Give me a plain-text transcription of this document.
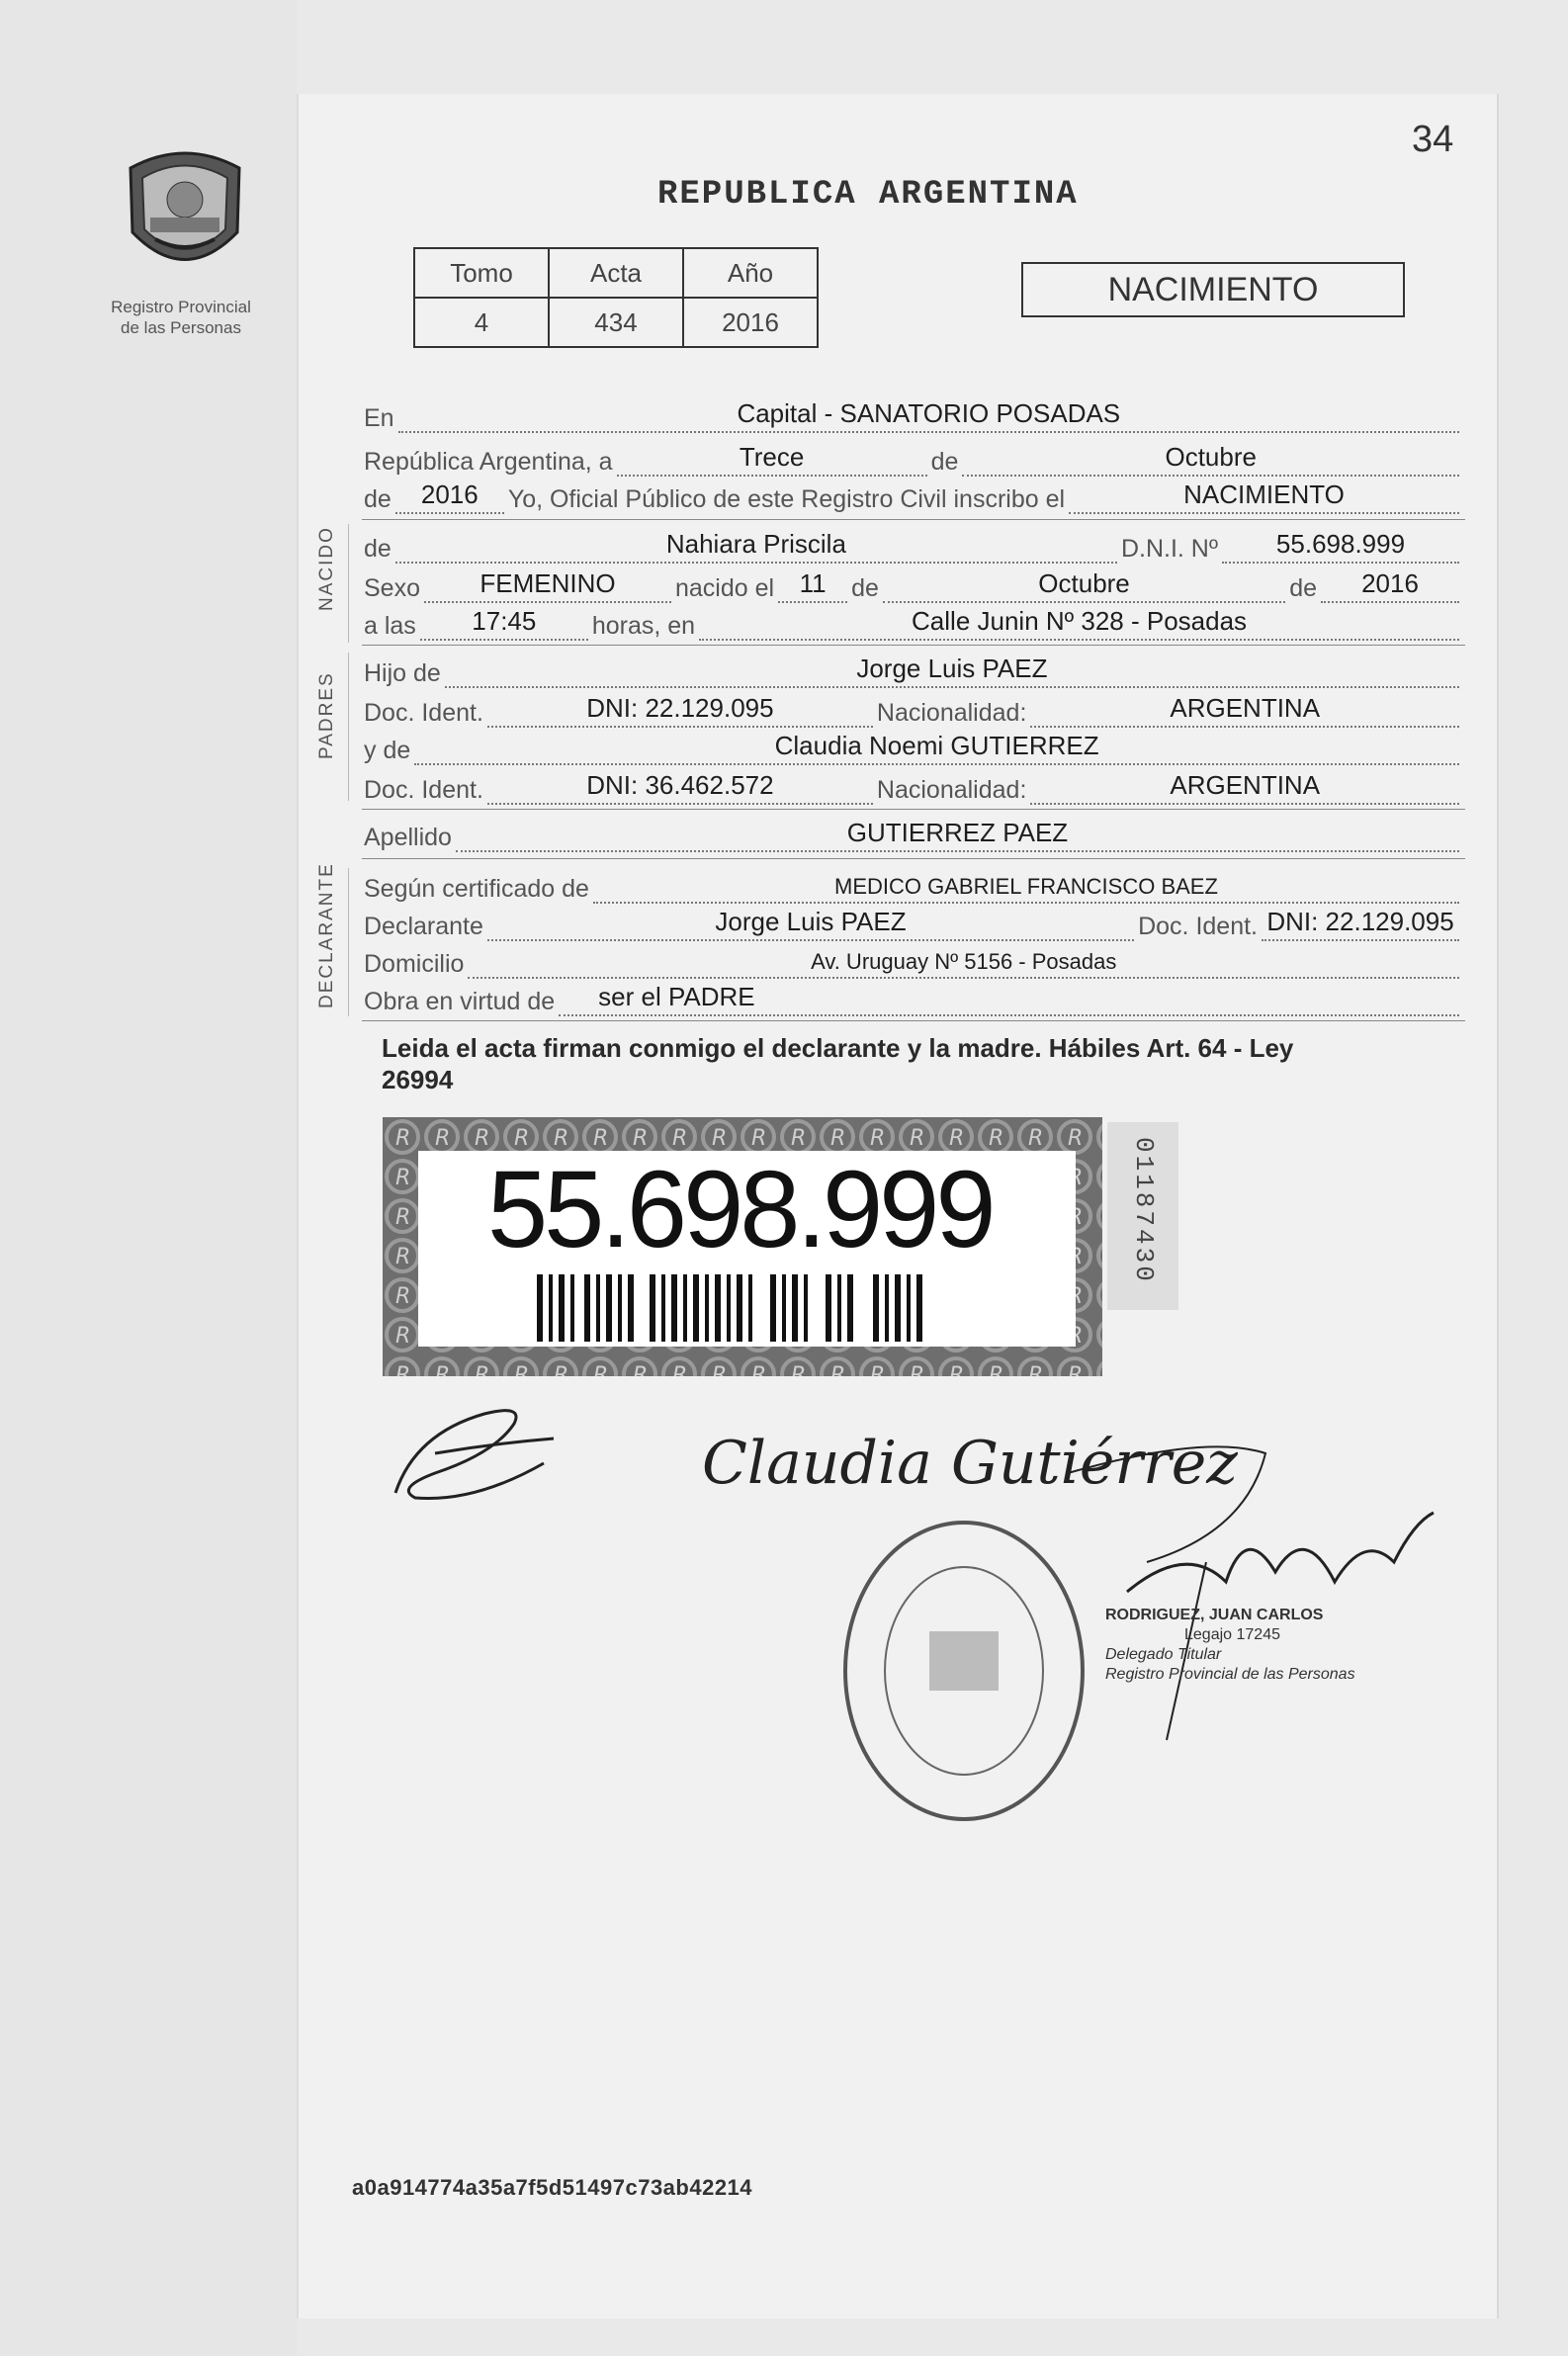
Registro Provincial
de las Personas
34
REPUBLICA ARGENTINA
Tomo	Acta	Año
4	434	2016
NACIMIENTO
En	Capital - SANATORIO POSADAS
República Argentina, a	Trece	de	Octubre
de 2016 Yo, Oficial Público de este Registro Civil inscribo el	NACIMIENTO
NACIDO de	Nahiara Priscila	D.N.I. Nº 55.698.999
Sexo FEMENINO nacido el 11 de	Octubre	de 2016
a las 17:45 horas, en	Calle Junin Nº 328 - Posadas
PADRES Hijo de	Jorge Luis PAEZ
Doc. Ident.	DNI: 22.129.095	Nacionalidad:	ARGENTINA
y de	Claudia Noemi GUTIERREZ
Doc. Ident.	DNI: 36.462.572	Nacionalidad:	ARGENTINA
Apellido	GUTIERREZ PAEZ
DECLARANTE Según certificado de	MEDICO GABRIEL FRANCISCO BAEZ
Declarante	Jorge Luis PAEZ	Doc. Ident. DNI: 22.129.095
Domicilio	Av. Uruguay Nº 5156 - Posadas
Obra en virtud de ser el PADRE
Leida el acta firman conmigo el declarante y la madre. Hábiles Art. 64 - Ley
26994
55.698.999	01187430
Claudia Gutiérrez
RODRIGUEZ, JUAN CARLOS
Legajo 17245
Delegado Titular
Registro Provincial de las Personas
a0a914774a35a7f5d51497c73ab42214
